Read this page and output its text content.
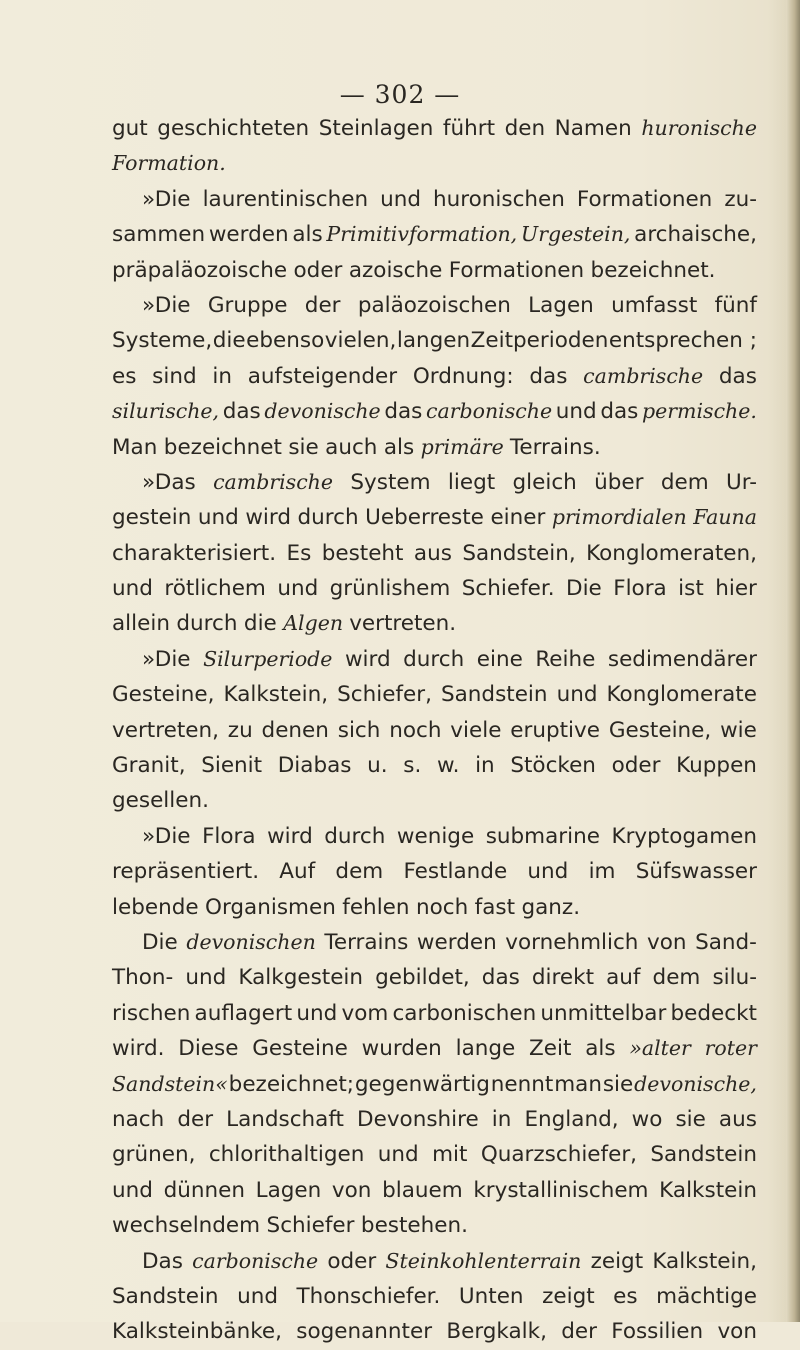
— 302 —
gut geschichteten Steinlagen führt den Namen huronische
Formation.
»Die laurentinischen und huronischen Formationen zu-
sammen werden als Primitivformation, Urgestein, archaische,
präpaläozoische oder azoische Formationen bezeichnet.
»Die Gruppe der paläozoischen Lagen umfasst fünf
Systeme, die ebenso vielen, langen Zeitperioden entsprechen ;
es sind in aufsteigender Ordnung: das cambrische das
silurische, das devonische das carbonische und das permische.
Man bezeichnet sie auch als primäre Terrains.
»Das cambrische System liegt gleich über dem Ur-
gestein und wird durch Ueberreste einer primordialen Fauna
charakterisiert. Es besteht aus Sandstein, Konglomeraten,
und rötlichem und grünlishem Schiefer. Die Flora ist hier
allein durch die Algen vertreten.
»Die Silurperiode wird durch eine Reihe sedimendärer
Gesteine, Kalkstein, Schiefer, Sandstein und Konglomerate
vertreten, zu denen sich noch viele eruptive Gesteine, wie
Granit, Sienit Diabas u. s. w. in Stöcken oder Kuppen
gesellen.
»Die Flora wird durch wenige submarine Kryptogamen
repräsentiert. Auf dem Festlande und im Süfswasser
lebende Organismen fehlen noch fast ganz.
Die devonischen Terrains werden vornehmlich von Sand-
Thon- und Kalkgestein gebildet, das direkt auf dem silu-
rischen auflagert und vom carbonischen unmittelbar bedeckt
wird. Diese Gesteine wurden lange Zeit als »alter roter
Sandstein« bezeichnet; gegenwärtig nennt man sie devonische,
nach der Landschaft Devonshire in England, wo sie aus
grünen, chlorithaltigen und mit Quarzschiefer, Sandstein
und dünnen Lagen von blauem krystallinischem Kalkstein
wechselndem Schiefer bestehen.
Das carbonische oder Steinkohlenterrain zeigt Kalkstein,
Sandstein und Thonschiefer. Unten zeigt es mächtige
Kalksteinbänke, sogenannter Bergkalk, der Fossilien von
